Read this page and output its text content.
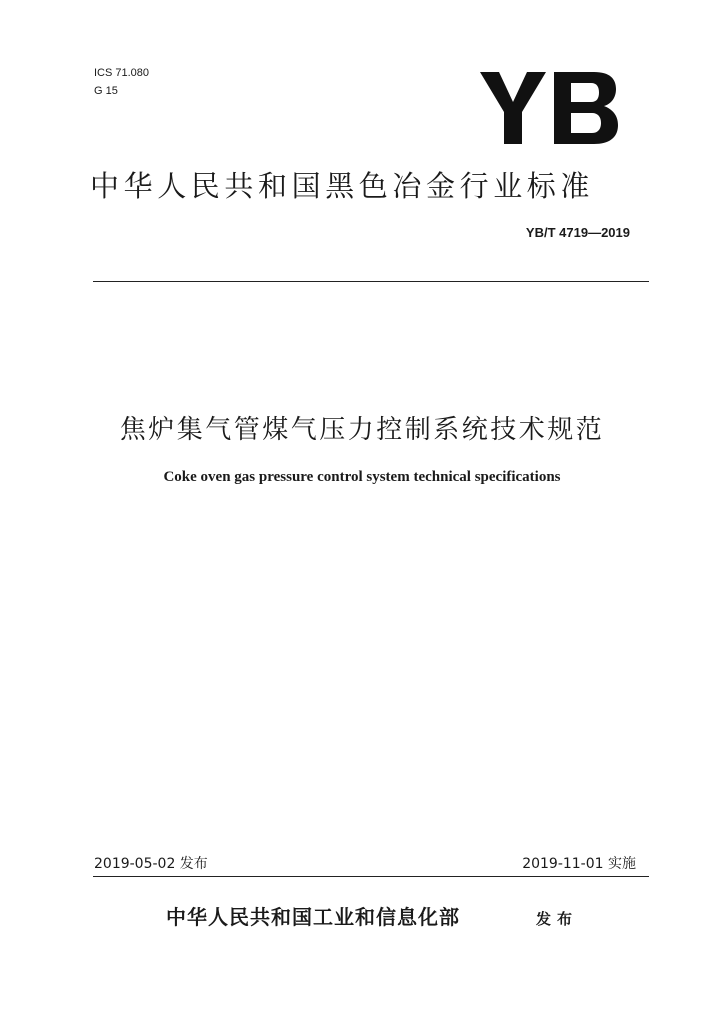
ICS 71.080
G 15
中华人民共和国黑色冶金行业标准
YB/T 4719—2019
焦炉集气管煤气压力控制系统技术规范
Coke oven gas pressure control system technical specifications
2019-05-02 发布	2019-11-01 实施
中华人民共和国工业和信息化部	发布
